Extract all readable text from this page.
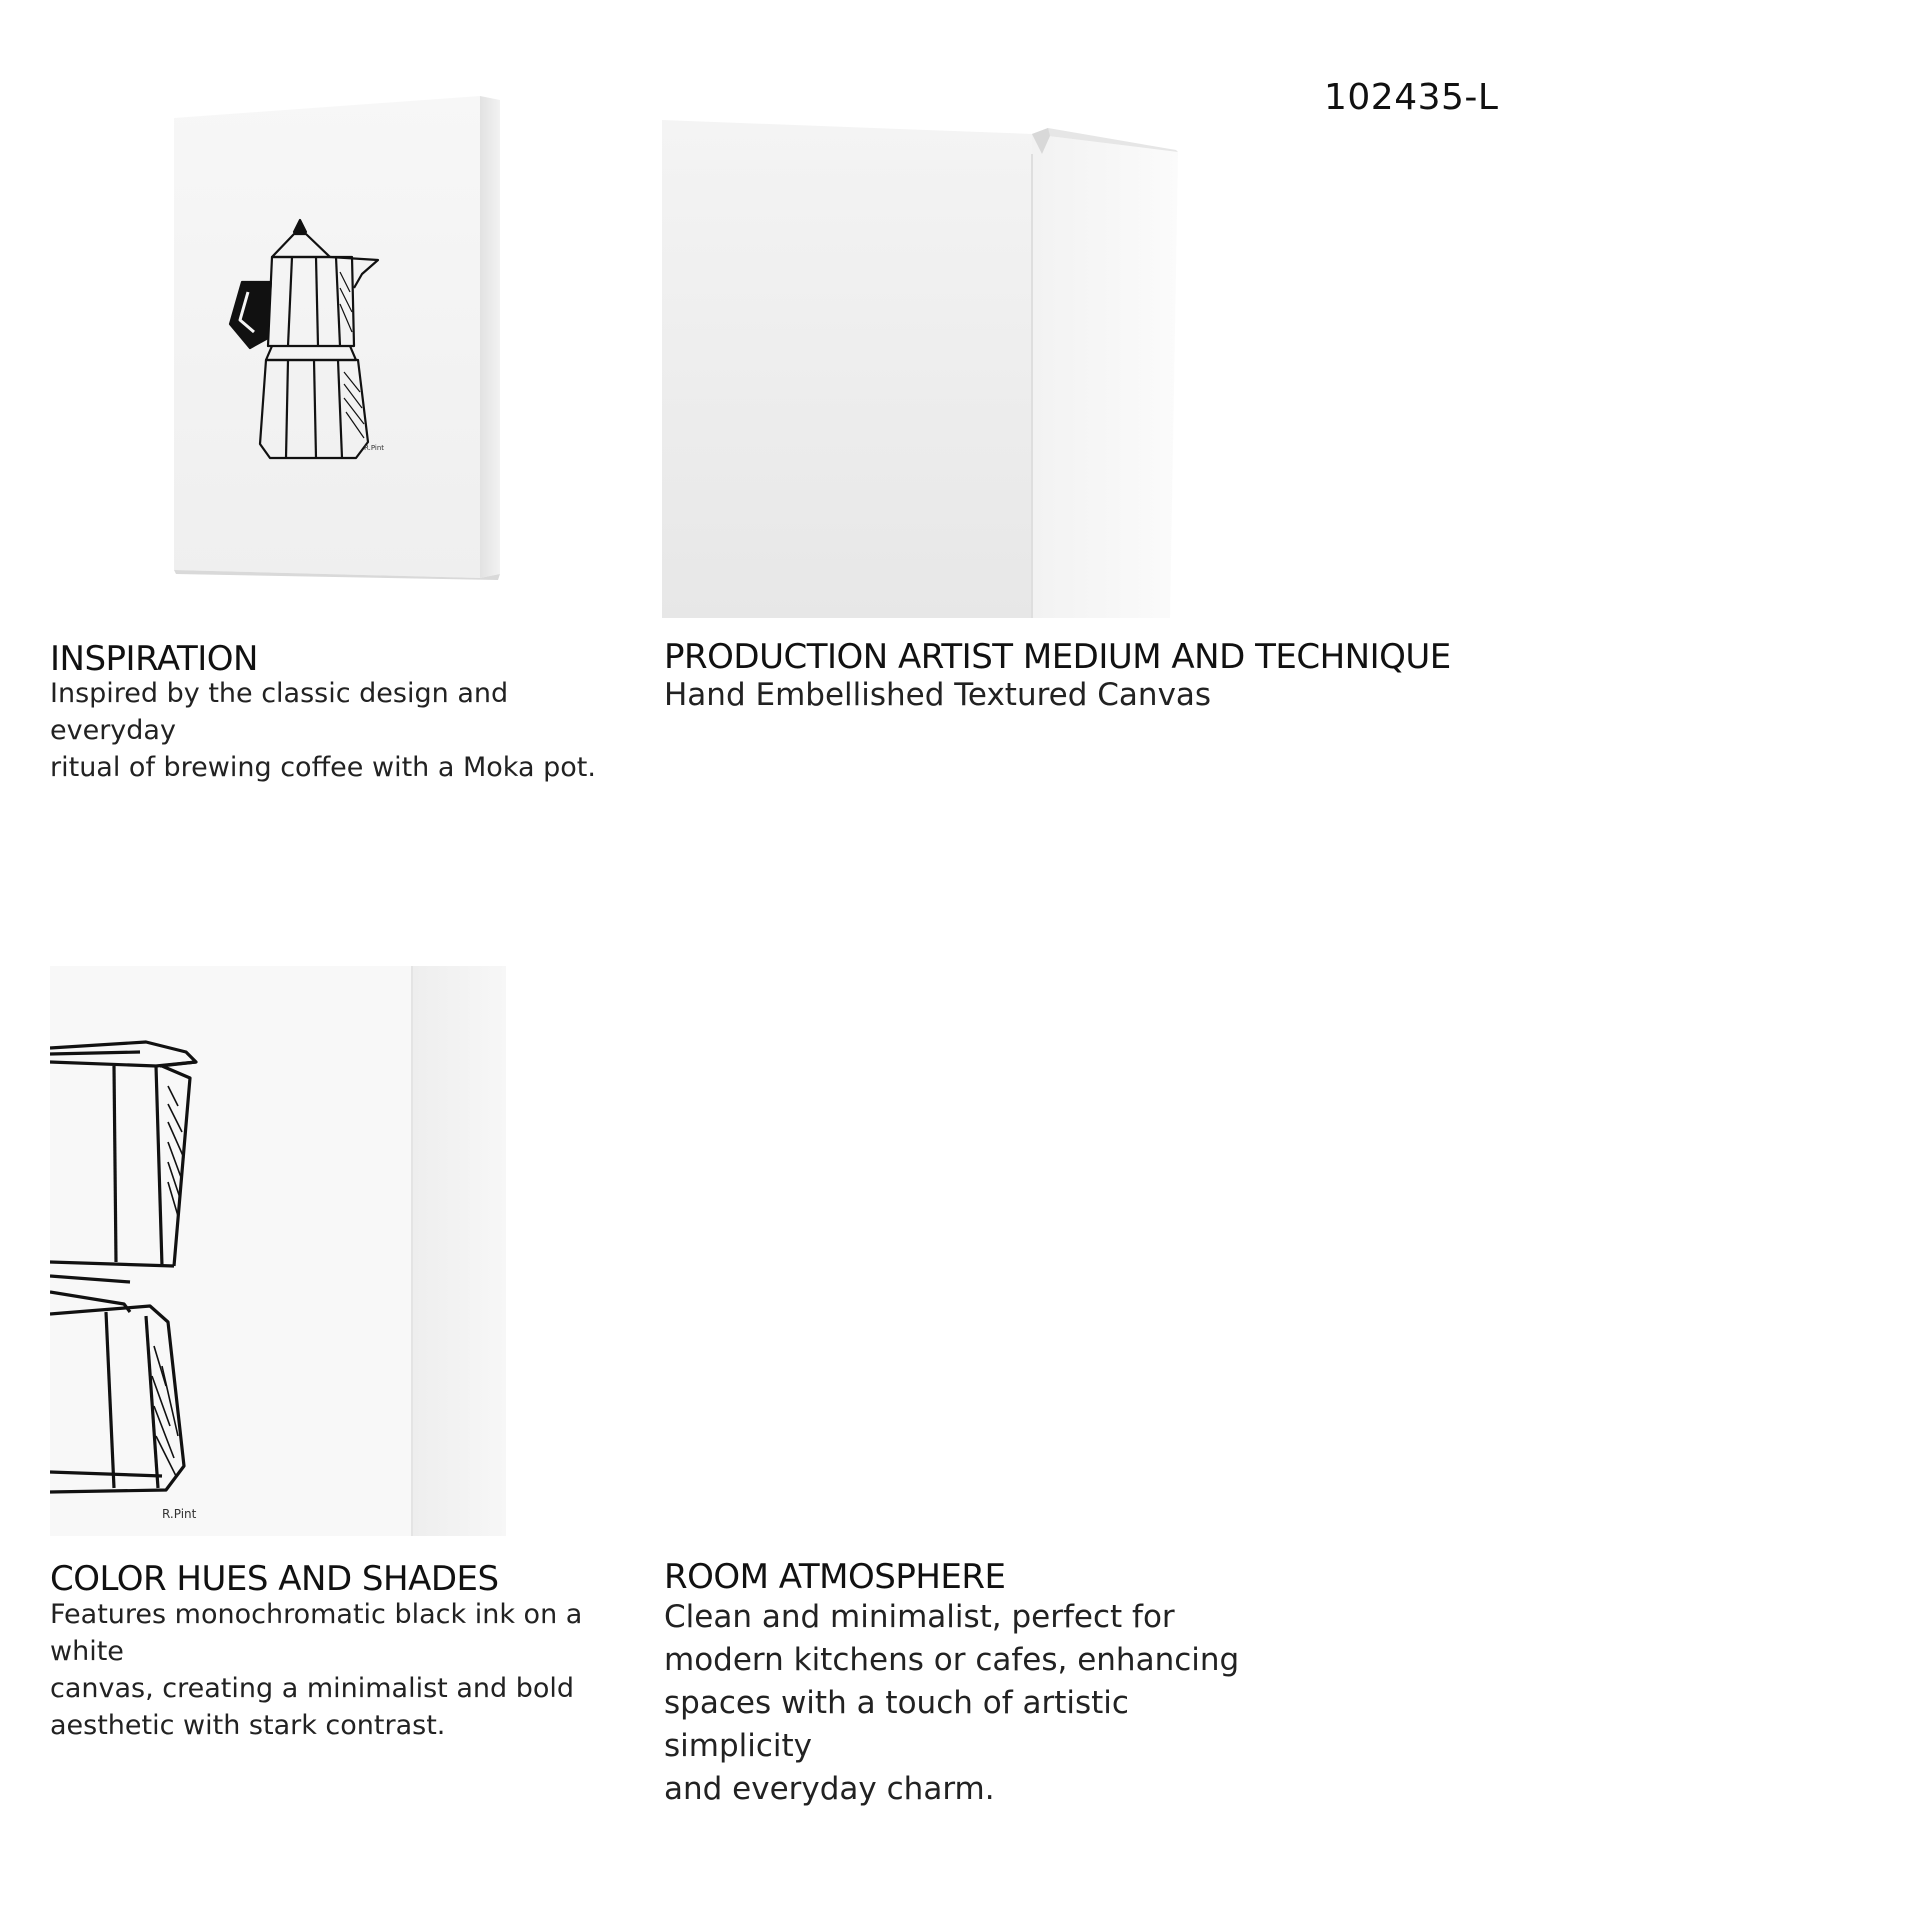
102435-L
R.Pint
R.Pint
INSPIRATION
Inspired by the classic design and everyday
ritual of brewing coffee with a Moka pot.
PRODUCTION ARTIST MEDIUM AND TECHNIQUE
Hand Embellished Textured Canvas
COLOR HUES AND SHADES
Features monochromatic black ink on a white
canvas, creating a minimalist and bold
aesthetic with stark contrast.
ROOM ATMOSPHERE
Clean and minimalist, perfect for
modern kitchens or cafes, enhancing
spaces with a touch of artistic simplicity
and everyday charm.
